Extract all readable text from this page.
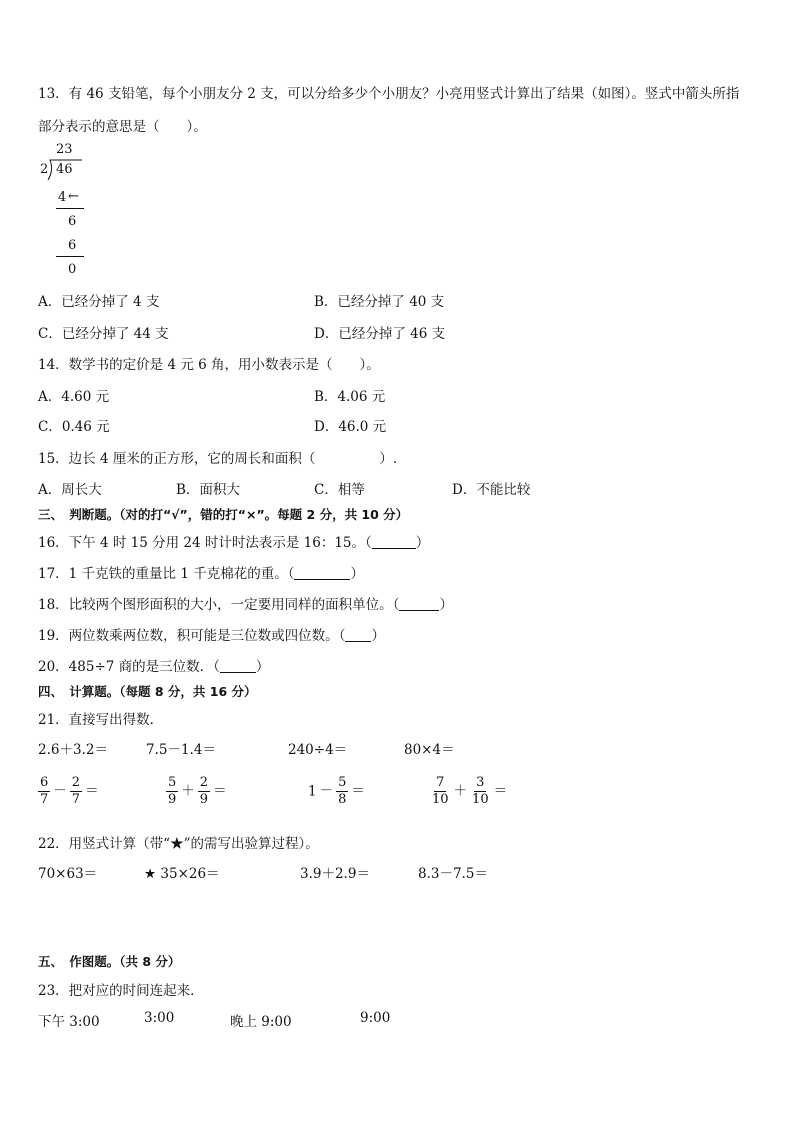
13．有 46 支铅笔，每个小朋友分 2 支，可以分给多少个小朋友？小亮用竖式计算出了结果（如图）。竖式中箭头所指
部分表示的意思是（　　）。
23
2 46
4 ←
6
6
0
A．已经分掉了 4 支	B．已经分掉了 40 支
C．已经分掉了 44 支	D．已经分掉了 46 支
14．数学书的定价是 4 元 6 角，用小数表示是（　　）。
A．4.60 元	B．4.06 元
C．0.46 元	D．46.0 元
15．边长 4 厘米的正方形，它的周长和面积（	）.
A．周长大	B．面积大	C．相等	D．不能比较
三、　判断题。（对的打“√”，错的打“×”。每题 2 分，共 10 分）
16．下午 4 时 15 分用 24 时计时法表示是 16：15。（	）
17．1 千克铁的重量比 1 千克棉花的重。（	）
18．比较两个图形面积的大小，一定要用同样的面积单位。（	）
19．两位数乘两位数，积可能是三位数或四位数。（ ）
20．485÷7 商的是三位数．（	）
四、　计算题。（每题 8 分，共 16 分）
21．直接写出得数．
2.6＋3.2＝	7.5－1.4＝	240÷4＝	80×4＝
$\frac{6}{7} - \frac{2}{7}$ ＝	$\frac{5}{9} + \frac{2}{9}$ ＝	$1 - \frac{5}{8}$ ＝	$\frac{7}{10} + \frac{3}{10}$ ＝
22．用竖式计算（带“★”的需写出验算过程）。
70×63＝	★ 35×26＝	3.9＋2.9＝	8.3－7.5＝
五、　作图题。（共 8 分）
23．把对应的时间连起来．
下午 3:00	3:00	晚上 9:00	9:00
